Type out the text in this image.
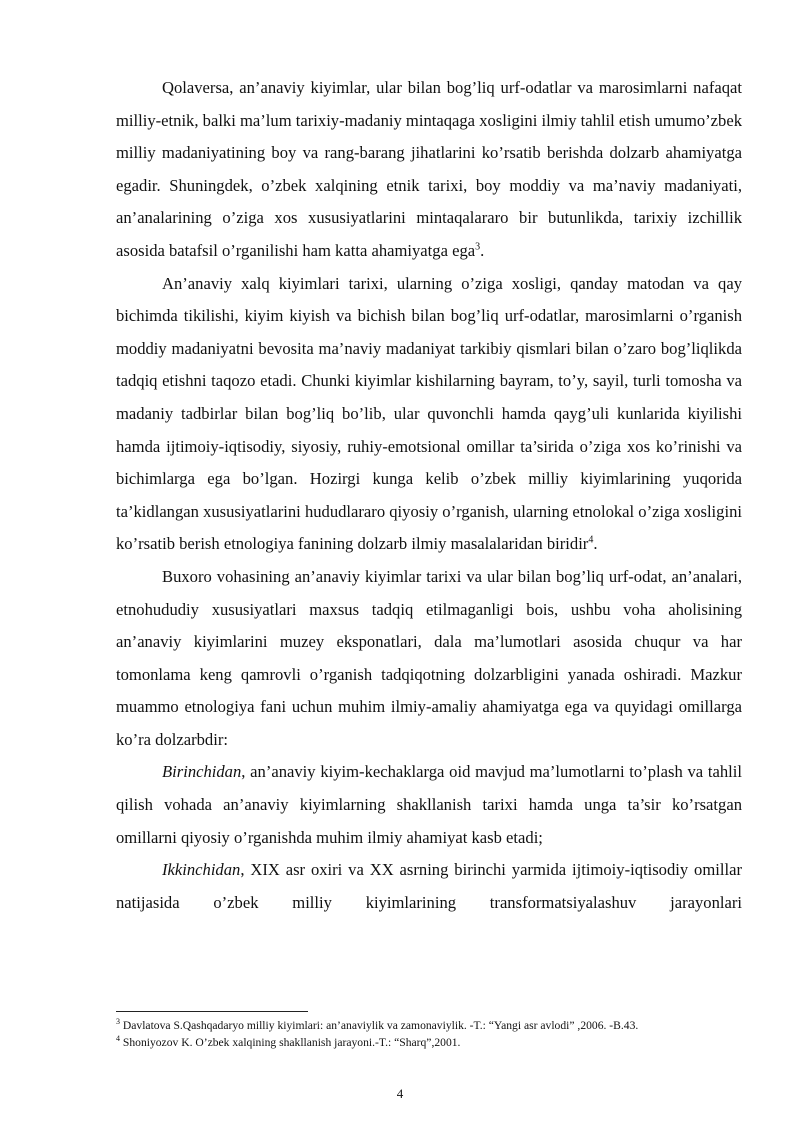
Qolaversa, an’anaviy kiyimlar, ular bilan bog’liq urf-odatlar va marosimlarni nafaqat milliy-etnik, balki ma’lum tarixiy-madaniy mintaqaga xosligini ilmiy tahlil etish umumo’zbek milliy madaniyatining boy va rang-barang jihatlarini ko’rsatib berishda dolzarb ahamiyatga egadir. Shuningdek, o’zbek xalqining etnik tarixi, boy moddiy va ma’naviy madaniyati, an’analarining o’ziga xos xususiyatlarini mintaqalararo bir butunlikda, tarixiy izchillik asosida batafsil o’rganilishi ham katta ahamiyatga ega$^3$.

An’anaviy xalq kiyimlari tarixi, ularning o’ziga xosligi, qanday matodan va qay bichimda tikilishi, kiyim kiyish va bichish bilan bog’liq urf-odatlar, marosimlarni o’rganish moddiy madaniyatni bevosita ma’naviy madaniyat tarkibiy qismlari bilan o’zaro bog’liqlikda tadqiq etishni taqozo etadi. Chunki kiyimlar kishilarning bayram, to’y, sayil, turli tomosha va madaniy tadbirlar bilan bog’liq bo’lib, ular quvonchli hamda qayg’uli kunlarida kiyilishi hamda ijtimoiy-iqtisodiy, siyosiy, ruhiy-emotsional omillar ta’sirida o’ziga xos ko’rinishi va bichimlarga ega bo’lgan. Hozirgi kunga kelib o’zbek milliy kiyimlarining yuqorida ta’kidlangan xususiyatlarini hududlararo qiyosiy o’rganish, ularning etnolokal o’ziga xosligini ko’rsatib berish etnologiya fanining dolzarb ilmiy masalalaridan biridir$^4$.

Buxoro vohasining an’anaviy kiyimlar tarixi va ular bilan bog’liq urf-odat, an’analari, etnohududiy xususiyatlari maxsus tadqiq etilmaganligi bois, ushbu voha aholisining an’anaviy kiyimlarini muzey eksponatlari, dala ma’lumotlari asosida chuqur va har tomonlama keng qamrovli o’rganish tadqiqotning dolzarbligini yanada oshiradi. Mazkur muammo etnologiya fani uchun muhim ilmiy-amaliy ahamiyatga ega va quyidagi omillarga ko’ra dolzarbdir:

Birinchidan, an’anaviy kiyim-kechaklarga oid mavjud ma’lumotlarni to’plash va tahlil qilish vohada an’anaviy kiyimlarning shakllanish tarixi hamda unga ta’sir ko’rsatgan omillarni qiyosiy o’rganishda muhim ilmiy ahamiyat kasb etadi;

Ikkinchidan, XIX asr oxiri va XX asrning birinchi yarmida ijtimoiy-iqtisodiy omillar natijasida o’zbek milliy kiyimlarining transformatsiyalashuv jarayonlari

$^3$ Davlatova S.Qashqadaryo milliy kiyimlari: an’anaviylik va zamonaviylik. -T.: “Yangi asr avlodi” ,2006. -B.43.
$^4$ Shoniyozov K. O’zbek xalqining shakllanish jarayoni.-T.: “Sharq”,2001.
4
